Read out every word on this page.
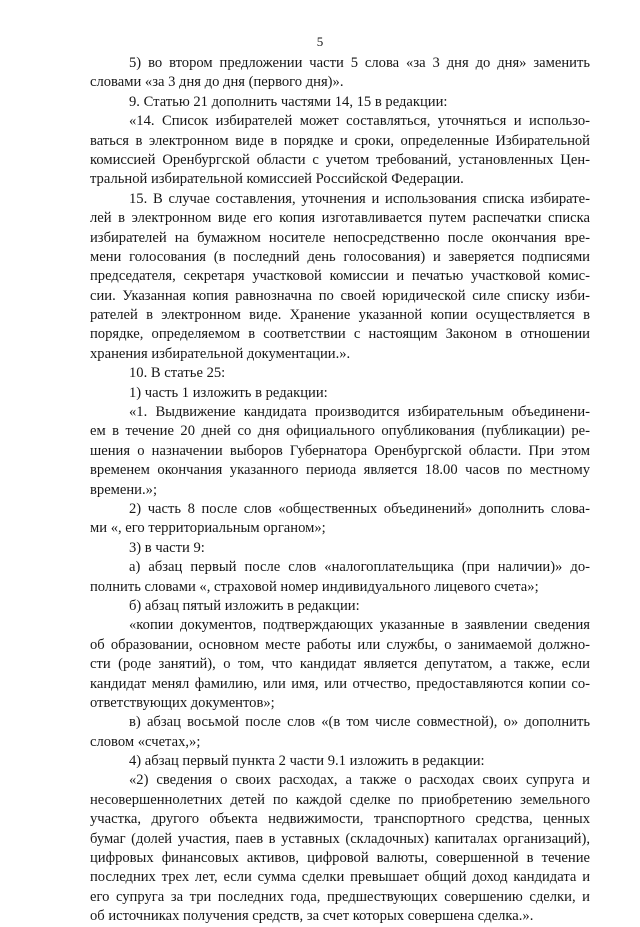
5
5) во втором предложении части 5 слова «за 3 дня до дня» заменить
словами «за 3 дня до дня (первого дня)».
9. Статью 21 дополнить частями 14, 15 в редакции:
«14. Список избирателей может составляться, уточняться и использо-
ваться в электронном виде в порядке и сроки, определенные Избирательной
комиссией Оренбургской области с учетом требований, установленных Цен-
тральной избирательной комиссией Российской Федерации.
15. В случае составления, уточнения и использования списка избирате-
лей в электронном виде его копия изготавливается путем распечатки списка
избирателей на бумажном носителе непосредственно после окончания вре-
мени голосования (в последний день голосования) и заверяется подписями
председателя, секретаря участковой комиссии и печатью участковой комис-
сии. Указанная копия равнозначна по своей юридической силе списку изби-
рателей в электронном виде. Хранение указанной копии осуществляется в
порядке, определяемом в соответствии с настоящим Законом в отношении
хранения избирательной документации.».
10. В статье 25:
1) часть 1 изложить в редакции:
«1. Выдвижение кандидата производится избирательным объединени-
ем в течение 20 дней со дня официального опубликования (публикации) ре-
шения о назначении выборов Губернатора Оренбургской области. При этом
временем окончания указанного периода является 18.00 часов по местному
времени.»;
2) часть 8 после слов «общественных объединений» дополнить слова-
ми «, его территориальным органом»;
3) в части 9:
а) абзац первый после слов «налогоплательщика (при наличии)» до-
полнить словами «, страховой номер индивидуального лицевого счета»;
б) абзац пятый изложить в редакции:
«копии документов, подтверждающих указанные в заявлении сведения
об образовании, основном месте работы или службы, о занимаемой должно-
сти (роде занятий), о том, что кандидат является депутатом, а также, если
кандидат менял фамилию, или имя, или отчество, предоставляются копии со-
ответствующих документов»;
в) абзац восьмой после слов «(в том числе совместной), о» дополнить
словом «счетах,»;
4) абзац первый пункта 2 части 9.1 изложить в редакции:
«2) сведения о своих расходах, а также о расходах своих супруга и
несовершеннолетних детей по каждой сделке по приобретению земельного
участка, другого объекта недвижимости, транспортного средства, ценных
бумаг (долей участия, паев в уставных (складочных) капиталах организаций),
цифровых финансовых активов, цифровой валюты, совершенной в течение
последних трех лет, если сумма сделки превышает общий доход кандидата и
его супруга за три последних года, предшествующих совершению сделки, и
об источниках получения средств, за счет которых совершена сделка.».
